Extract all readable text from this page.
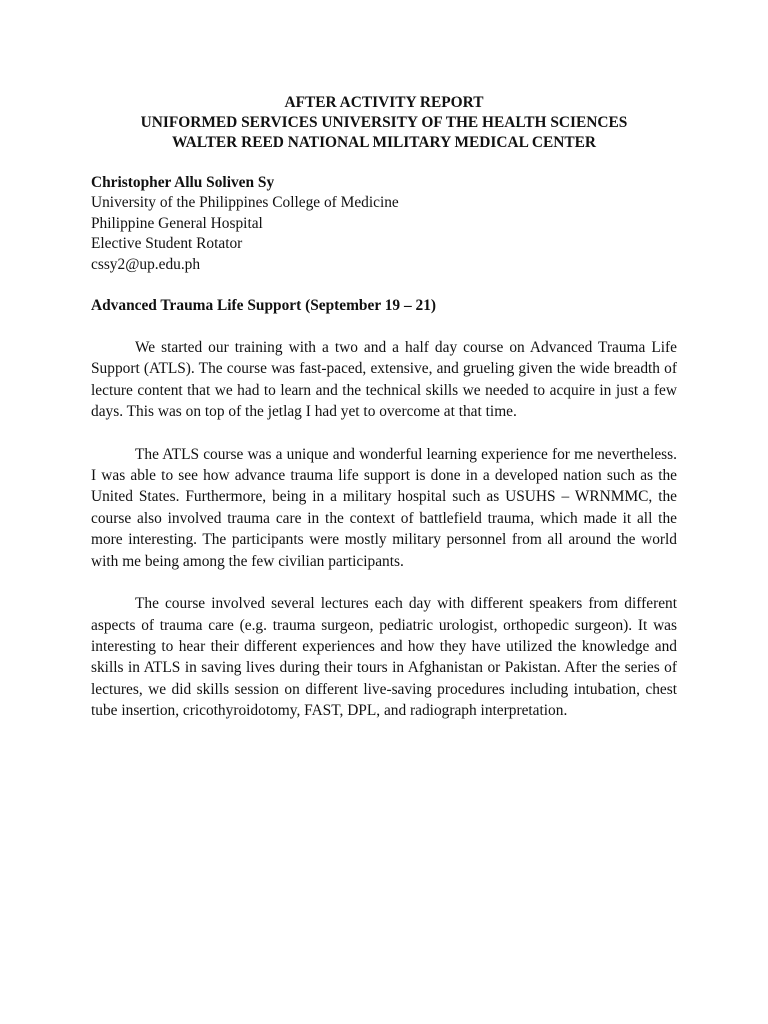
AFTER ACTIVITY REPORT
UNIFORMED SERVICES UNIVERSITY OF THE HEALTH SCIENCES
WALTER REED NATIONAL MILITARY MEDICAL CENTER
Christopher Allu Soliven Sy
University of the Philippines College of Medicine
Philippine General Hospital
Elective Student Rotator
cssy2@up.edu.ph
Advanced Trauma Life Support (September 19 – 21)

We started our training with a two and a half day course on Advanced Trauma Life Support (ATLS). The course was fast-paced, extensive, and grueling given the wide breadth of lecture content that we had to learn and the technical skills we needed to acquire in just a few days. This was on top of the jetlag I had yet to overcome at that time.

The ATLS course was a unique and wonderful learning experience for me nevertheless. I was able to see how advance trauma life support is done in a developed nation such as the United States. Furthermore, being in a military hospital such as USUHS – WRNMMC, the course also involved trauma care in the context of battlefield trauma, which made it all the more interesting. The participants were mostly military personnel from all around the world with me being among the few civilian participants.

The course involved several lectures each day with different speakers from different aspects of trauma care (e.g. trauma surgeon, pediatric urologist, orthopedic surgeon). It was interesting to hear their different experiences and how they have utilized the knowledge and skills in ATLS in saving lives during their tours in Afghanistan or Pakistan. After the series of lectures, we did skills session on different live-saving procedures including intubation, chest tube insertion, cricothyroidotomy, FAST, DPL, and radiograph interpretation.
